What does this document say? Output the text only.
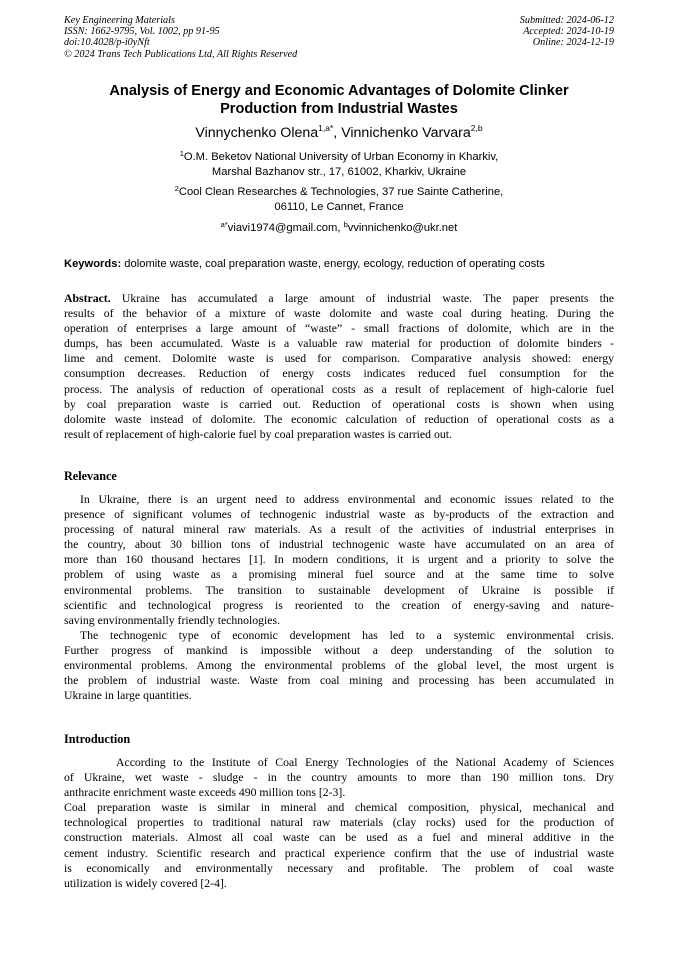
Key Engineering Materials
ISSN: 1662-9795, Vol. 1002, pp 91-95
doi:10.4028/p-i0yNft
© 2024 Trans Tech Publications Ltd, All Rights Reserved
Submitted: 2024-06-12
Accepted: 2024-10-19
Online: 2024-12-19
Analysis of Energy and Economic Advantages of Dolomite Clinker
Production from Industrial Wastes
Vinnychenko Olena$^{1,a*}$, Vinnichenko Varvara$^{2,b}$
$^1$O.M. Beketov National University of Urban Economy in Kharkiv,
Marshal Bazhanov str., 17, 61002, Kharkiv, Ukraine
$^2$Cool Clean Researches & Technologies, 37 rue Sainte Catherine,
06110, Le Cannet, France
$^{a*}$viavi1974@gmail.com, $^b$vvinnichenko@ukr.net
Keywords: dolomite waste, coal preparation waste, energy, ecology, reduction of operating costs
Abstract. Ukraine has accumulated a large amount of industrial waste. The paper presents the
results of the behavior of a mixture of waste dolomite and waste coal during heating. During the
operation of enterprises a large amount of “waste” - small fractions of dolomite, which are in the
dumps, has been accumulated. Waste is a valuable raw material for production of dolomite binders -
lime and cement. Dolomite waste is used for comparison. Comparative analysis showed: energy
consumption decreases. Reduction of energy costs indicates reduced fuel consumption for the
process. The analysis of reduction of operational costs as a result of replacement of high-calorie fuel
by coal preparation waste is carried out. Reduction of operational costs is shown when using
dolomite waste instead of dolomite. The economic calculation of reduction of operational costs as a
result of replacement of high-calorie fuel by coal preparation wastes is carried out.
Relevance
In Ukraine, there is an urgent need to address environmental and economic issues related to the
presence of significant volumes of technogenic industrial waste as by-products of the extraction and
processing of natural mineral raw materials. As a result of the activities of industrial enterprises in
the country, about 30 billion tons of industrial technogenic waste have accumulated on an area of
more than 160 thousand hectares [1]. In modern conditions, it is urgent and a priority to solve the
problem of using waste as a promising mineral fuel source and at the same time to solve
environmental problems. The transition to sustainable development of Ukraine is possible if
scientific and technological progress is reoriented to the creation of energy-saving and nature-
saving environmentally friendly technologies.
The technogenic type of economic development has led to a systemic environmental crisis.
Further progress of mankind is impossible without a deep understanding of the solution to
environmental problems. Among the environmental problems of the global level, the most urgent is
the problem of industrial waste. Waste from coal mining and processing has been accumulated in
Ukraine in large quantities.
Introduction
According to the Institute of Coal Energy Technologies of the National Academy of Sciences
of Ukraine, wet waste - sludge - in the country amounts to more than 190 million tons. Dry
anthracite enrichment waste exceeds 490 million tons [2-3].
Coal preparation waste is similar in mineral and chemical composition, physical, mechanical and
technological properties to traditional natural raw materials (clay rocks) used for the production of
construction materials. Almost all coal waste can be used as a fuel and mineral additive in the
cement industry. Scientific research and practical experience confirm that the use of industrial waste
is economically and environmentally necessary and profitable. The problem of coal waste
utilization is widely covered [2-4].
